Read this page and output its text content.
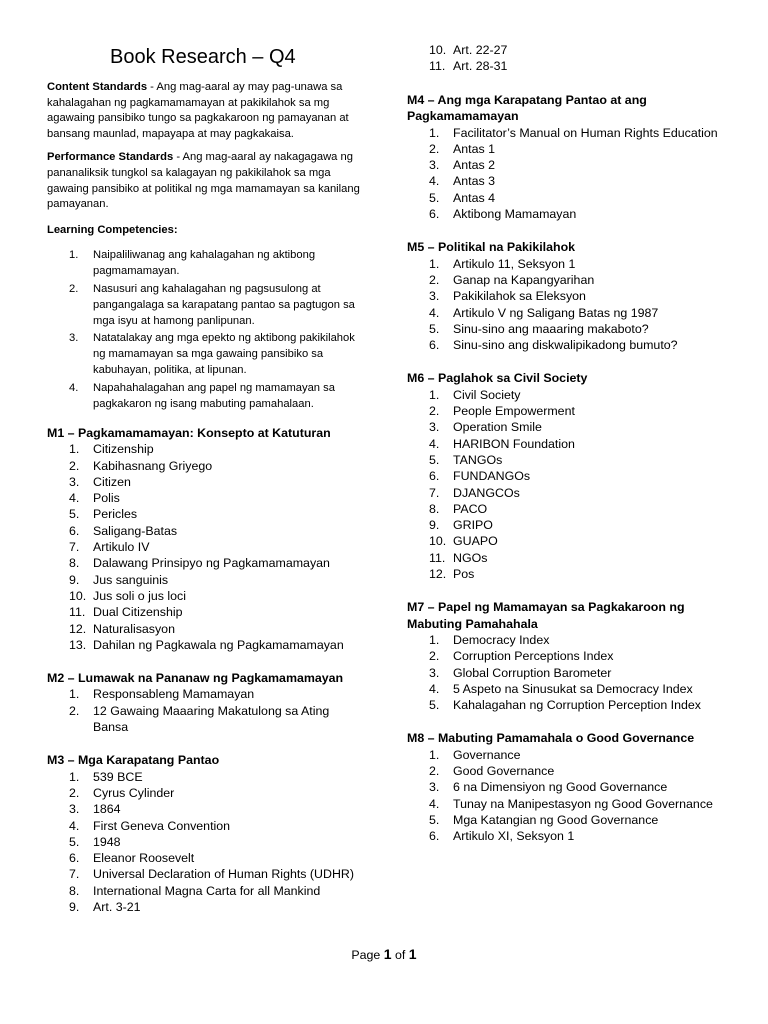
Book Research – Q4

Content Standards - Ang mag-aaral ay may pag-unawa sa kahalagahan ng pagkamamamayan at pakikilahok sa mg agawaing pansibiko tungo sa pagkakaroon ng pamayanan at bansang maunlad, mapayapa at may pagkakaisa.

Performance Standards - Ang mag-aaral ay nakagagawa ng pananaliksik tungkol sa kalagayan ng pakikilahok sa mga gawaing pansibiko at politikal ng mga mamamayan sa kanilang pamayanan.

Learning Competencies:
1. Naipaliliwanag ang kahalagahan ng aktibong pagmamamayan.
2. Nasusuri ang kahalagahan ng pagsusulong at pangangalaga sa karapatang pantao sa pagtugon sa mga isyu at hamong panlipunan.
3. Natatalakay ang mga epekto ng aktibong pakikilahok ng mamamayan sa mga gawaing pansibiko sa kabuhayan, politika, at lipunan.
4. Napahahalagahan ang papel ng mamamayan sa pagkakaron ng isang mabuting pamahalaan.
M1 – Pagkamamamayan: Konsepto at Katuturan
1. Citizenship
2. Kabihasnang Griyego
3. Citizen
4. Polis
5. Pericles
6. Saligang-Batas
7. Artikulo IV
8. Dalawang Prinsipyo ng Pagkamamamayan
9. Jus sanguinis
10. Jus soli o jus loci
11. Dual Citizenship
12. Naturalisasyon
13. Dahilan ng Pagkawala ng Pagkamamamayan
M2 – Lumawak na Pananaw ng Pagkamamamayan
1. Responsableng Mamamayan
2. 12 Gawaing Maaaring Makatulong sa Ating Bansa
M3 – Mga Karapatang Pantao
1. 539 BCE
2. Cyrus Cylinder
3. 1864
4. First Geneva Convention
5. 1948
6. Eleanor Roosevelt
7. Universal Declaration of Human Rights (UDHR)
8. International Magna Carta for all Mankind
9. Art. 3-21
10. Art. 22-27
11. Art. 28-31
M4 – Ang mga Karapatang Pantao at ang Pagkamamamayan
1. Facilitator’s Manual on Human Rights Education
2. Antas 1
3. Antas 2
4. Antas 3
5. Antas 4
6. Aktibong Mamamayan
M5 – Politikal na Pakikilahok
1. Artikulo 11, Seksyon 1
2. Ganap na Kapangyarihan
3. Pakikilahok sa Eleksyon
4. Artikulo V ng Saligang Batas ng 1987
5. Sinu-sino ang maaaring makaboto?
6. Sinu-sino ang diskwalipikadong bumuto?
M6 – Paglahok sa Civil Society
1. Civil Society
2. People Empowerment
3. Operation Smile
4. HARIBON Foundation
5. TANGOs
6. FUNDANGOs
7. DJANGCOs
8. PACO
9. GRIPO
10. GUAPO
11. NGOs
12. Pos
M7 – Papel ng Mamamayan sa Pagkakaroon ng Mabuting Pamahahala
1. Democracy Index
2. Corruption Perceptions Index
3. Global Corruption Barometer
4. 5 Aspeto na Sinusukat sa Democracy Index
5. Kahalagahan ng Corruption Perception Index
M8 – Mabuting Pamamahala o Good Governance
1. Governance
2. Good Governance
3. 6 na Dimensiyon ng Good Governance
4. Tunay na Manipestasyon ng Good Governance
5. Mga Katangian ng Good Governance
6. Artikulo XI, Seksyon 1
Page 1 of 1
